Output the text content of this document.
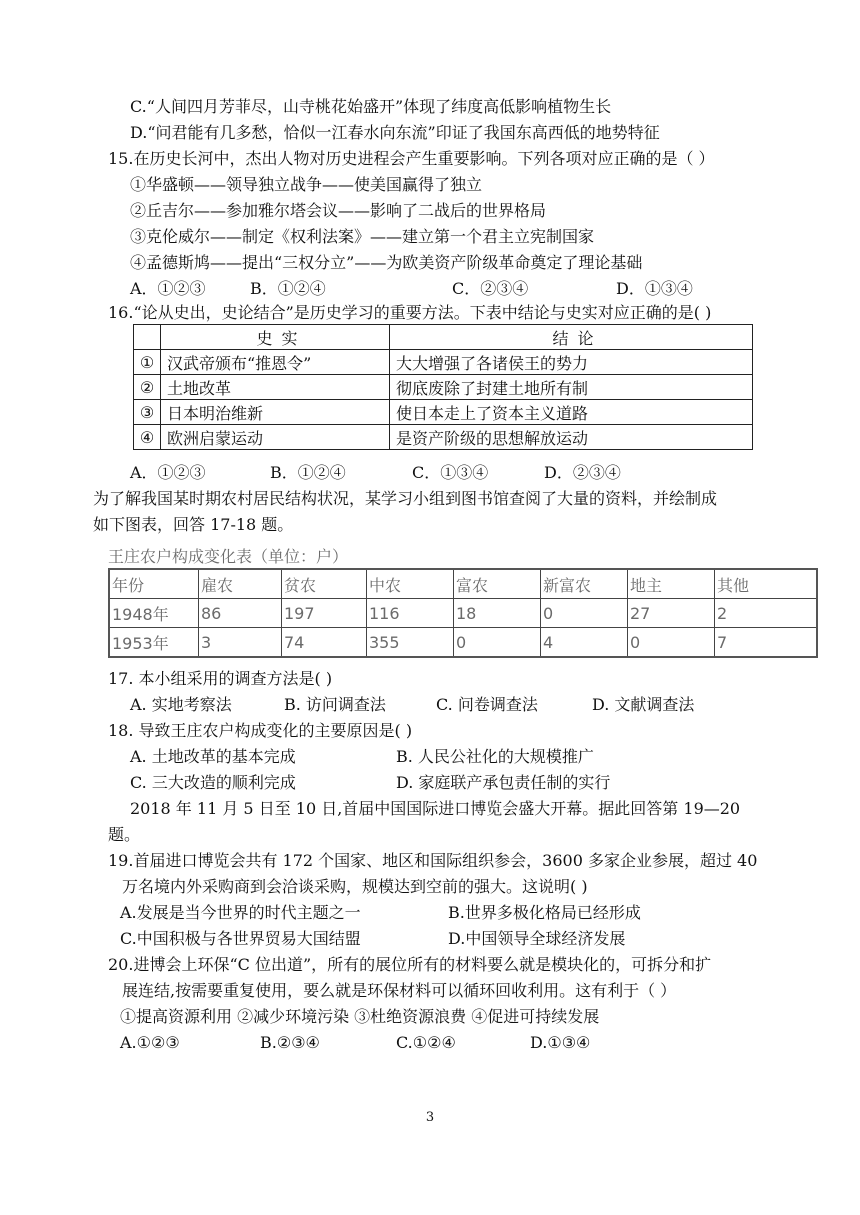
C.“人间四月芳菲尽，山寺桃花始盛开”体现了纬度高低影响植物生长
D.“问君能有几多愁，恰似一江春水向东流”印证了我国东高西低的地势特征
15.在历史长河中，杰出人物对历史进程会产生重要影响。下列各项对应正确的是（ ）
①华盛顿——领导独立战争——使美国赢得了独立
②丘吉尔——参加雅尔塔会议——影响了二战后的世界格局
③克伦威尔——制定《权利法案》——建立第一个君主立宪制国家
④孟德斯鸠——提出“三权分立”——为欧美资产阶级革命奠定了理论基础
A．①②③	B．①②④	C．②③④	D．①③④
16.“论从史出，史论结合”是历史学习的重要方法。下表中结论与史实对应正确的是( )
	史 实	结 论
①	汉武帝颁布“推恩令”	大大增强了各诸侯王的势力
②	土地改革	彻底废除了封建土地所有制
③	日本明治维新	使日本走上了资本主义道路
④	欧洲启蒙运动	是资产阶级的思想解放运动
A．①②③	B．①②④	C．①③④	D．②③④
为了解我国某时期农村居民结构状况，某学习小组到图书馆查阅了大量的资料，并绘制成
如下图表，回答 17-18 题。
王庄农户构成变化表（单位：户）
年份	雇农	贫农	中农	富农	新富农	地主	其他
1948年	86	197	116	18	0	27	2
1953年	3	74	355	0	4	0	7
17. 本小组采用的调查方法是( )
A. 实地考察法	B. 访问调查法	C. 问卷调查法	D. 文献调查法
18. 导致王庄农户构成变化的主要原因是( )
A. 土地改革的基本完成	B. 人民公社化的大规模推广
C. 三大改造的顺利完成	D. 家庭联产承包责任制的实行
2018 年 11 月 5 日至 10 日,首届中国国际进口博览会盛大开幕。据此回答第 19—20
题。
19.首届进口博览会共有 172 个国家、地区和国际组织参会，3600 多家企业参展，超过 40
万名境内外采购商到会洽谈采购，规模达到空前的强大。这说明( )
A.发展是当今世界的时代主题之一	B.世界多极化格局已经形成
C.中国积极与各世界贸易大国结盟	D.中国领导全球经济发展
20.进博会上环保“C 位出道”，所有的展位所有的材料要么就是模块化的，可拆分和扩
展连结,按需要重复使用，要么就是环保材料可以循环回收利用。这有利于（ ）
①提高资源利用 ②减少环境污染 ③杜绝资源浪费 ④促进可持续发展
A.①②③	B.②③④	C.①②④	D.①③④
3
